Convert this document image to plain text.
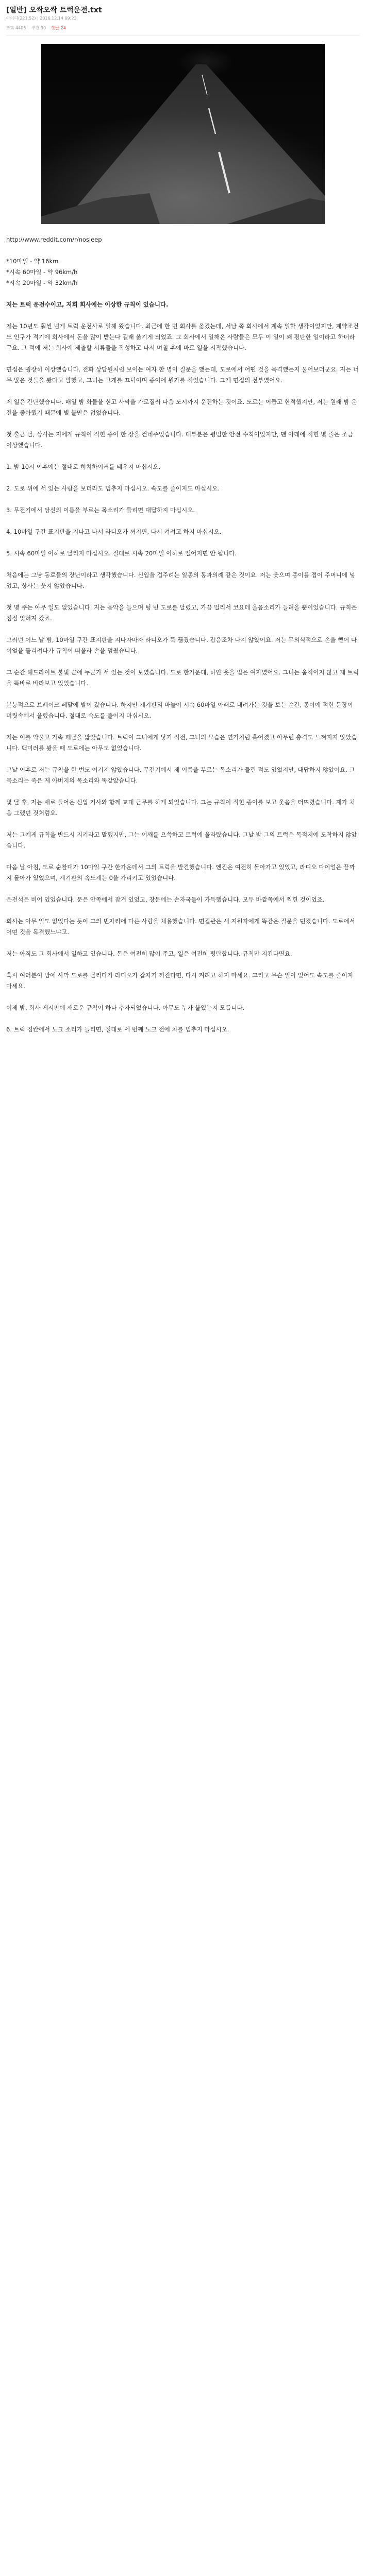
[일반] 오싹오싹 트럭운전.txt
아이디(221.52) | 2016.12.14 09:23
조회 4405 추천 30 댓글 24

http://www.reddit.com/r/nosleep

*10마일 - 약 16km
*시속 60마일 - 약 96km/h
*시속 20마일 - 약 32km/h

저는 트럭 운전수이고, 저희 회사에는 이상한 규칙이 있습니다.

저는 10년도 훨씬 넘게 트럭 운전사로 일해 왔습니다. 최근에 한 번 회사를 옮겼는데, 서남 쪽 회사에서 계속 일할 생각이었지만, 계약조건도 인구가 적기에 회사에서 돈을 많이 받는다 길래 옮기게 되었죠. 그 회사에서 일해온 사람들은 모두 이 일이 꽤 평탄한 일이라고 하더라구요. 그 덕에 저는 회사에 제출할 서류들을 작성하고 나서 며칠 후에 바로 일을 시작했습니다.

면접은 굉장히 이상했습니다. 전화 상담원처럼 보이는 여자 한 명이 질문을 했는데, 도로에서 어떤 것을 목격했는지 물어보더군요. 저는 너무 많은 것들을 봤다고 말했고, 그녀는 고개를 끄덕이며 종이에 뭔가를 적었습니다. 그게 면접의 전부였어요.

제 일은 간단했습니다. 매일 밤 화물을 싣고 사막을 가로질러 다음 도시까지 운전하는 것이죠. 도로는 어둡고 한적했지만, 저는 원래 밤 운전을 좋아했기 때문에 별 불만은 없었습니다.

첫 출근 날, 상사는 저에게 규칙이 적힌 종이 한 장을 건네주었습니다. 대부분은 평범한 안전 수칙이었지만, 맨 아래에 적힌 몇 줄은 조금 이상했습니다.

1. 밤 10시 이후에는 절대로 히치하이커를 태우지 마십시오.

2. 도로 위에 서 있는 사람을 보더라도 멈추지 마십시오. 속도를 줄이지도 마십시오.

3. 무전기에서 당신의 이름을 부르는 목소리가 들리면 대답하지 마십시오.

4. 10마일 구간 표지판을 지나고 나서 라디오가 꺼지면, 다시 켜려고 하지 마십시오.

5. 시속 60마일 이하로 달리지 마십시오. 절대로 시속 20마일 이하로 떨어지면 안 됩니다.

처음에는 그냥 동료들의 장난이라고 생각했습니다. 신입을 겁주려는 일종의 통과의례 같은 것이요. 저는 웃으며 종이를 접어 주머니에 넣었고, 상사는 웃지 않았습니다.

첫 몇 주는 아무 일도 없었습니다. 저는 음악을 들으며 텅 빈 도로를 달렸고, 가끔 멀리서 코요테 울음소리가 들려올 뿐이었습니다. 규칙은 점점 잊혀져 갔죠.

그러던 어느 날 밤, 10마일 구간 표지판을 지나자마자 라디오가 뚝 끊겼습니다. 잡음조차 나지 않았어요. 저는 무의식적으로 손을 뻗어 다이얼을 돌리려다가 규칙이 떠올라 손을 멈췄습니다.

그 순간 헤드라이트 불빛 끝에 누군가 서 있는 것이 보였습니다. 도로 한가운데, 하얀 옷을 입은 여자였어요. 그녀는 움직이지 않고 제 트럭을 똑바로 바라보고 있었습니다.

본능적으로 브레이크 페달에 발이 갔습니다. 하지만 계기판의 바늘이 시속 60마일 아래로 내려가는 것을 보는 순간, 종이에 적힌 문장이 머릿속에서 울렸습니다. 절대로 속도를 줄이지 마십시오.

저는 이를 악물고 가속 페달을 밟았습니다. 트럭이 그녀에게 닿기 직전, 그녀의 모습은 연기처럼 흩어졌고 아무런 충격도 느껴지지 않았습니다. 백미러를 봤을 때 도로에는 아무도 없었습니다.

그날 이후로 저는 규칙을 한 번도 어기지 않았습니다. 무전기에서 제 이름을 부르는 목소리가 들린 적도 있었지만, 대답하지 않았어요. 그 목소리는 죽은 제 아버지의 목소리와 똑같았습니다.

몇 달 후, 저는 새로 들어온 신입 기사와 함께 교대 근무를 하게 되었습니다. 그는 규칙이 적힌 종이를 보고 웃음을 터뜨렸습니다. 제가 처음 그랬던 것처럼요.

저는 그에게 규칙을 반드시 지키라고 말했지만, 그는 어깨를 으쓱하고 트럭에 올라탔습니다. 그날 밤 그의 트럭은 목적지에 도착하지 않았습니다.

다음 날 아침, 도로 순찰대가 10마일 구간 한가운데서 그의 트럭을 발견했습니다. 엔진은 여전히 돌아가고 있었고, 라디오 다이얼은 끝까지 돌아가 있었으며, 계기판의 속도계는 0을 가리키고 있었습니다.

운전석은 비어 있었습니다. 문은 안쪽에서 잠겨 있었고, 창문에는 손자국들이 가득했습니다. 모두 바깥쪽에서 찍힌 것이었죠.

회사는 아무 일도 없었다는 듯이 그의 빈자리에 다른 사람을 채용했습니다. 면접관은 새 지원자에게 똑같은 질문을 던졌습니다. 도로에서 어떤 것을 목격했느냐고.

저는 아직도 그 회사에서 일하고 있습니다. 돈은 여전히 많이 주고, 일은 여전히 평탄합니다. 규칙만 지킨다면요.

혹시 여러분이 밤에 사막 도로를 달리다가 라디오가 갑자기 꺼진다면, 다시 켜려고 하지 마세요. 그리고 무슨 일이 있어도 속도를 줄이지 마세요.

어제 밤, 회사 게시판에 새로운 규칙이 하나 추가되었습니다. 아무도 누가 붙였는지 모릅니다.

6. 트럭 짐칸에서 노크 소리가 들리면, 절대로 세 번째 노크 전에 차를 멈추지 마십시오.
